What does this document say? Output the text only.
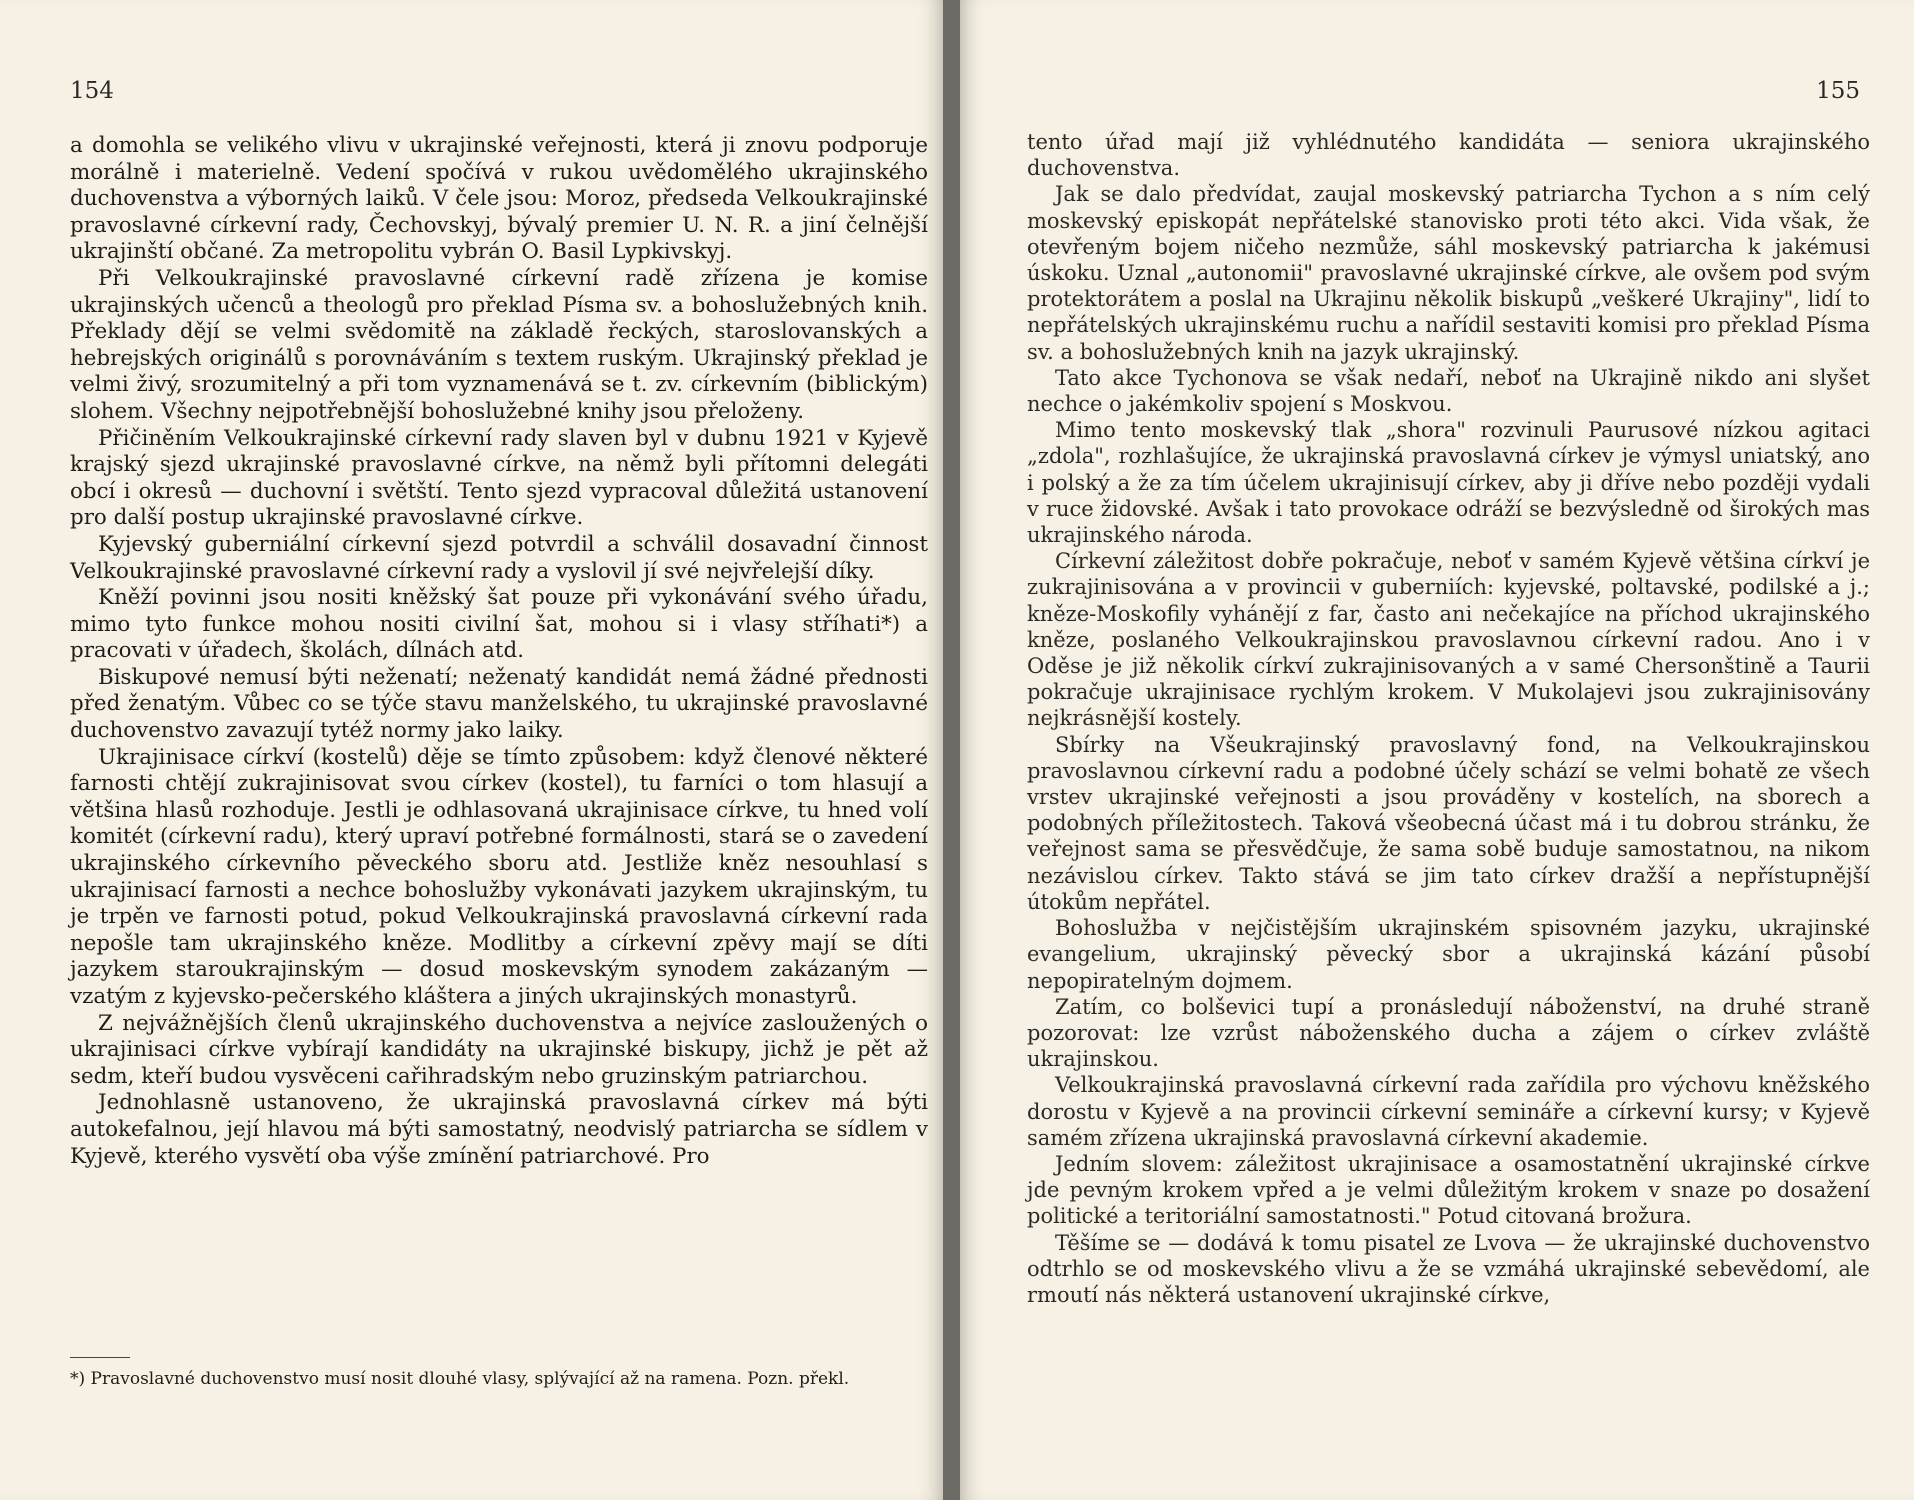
154

a domohla se velikého vlivu v ukrajinské veřejnosti, která ji znovu podporuje morálně i materielně. Vedení spočívá v rukou uvědomělého ukrajinského duchovenstva a výborných laiků. V čele jsou: Moroz, předseda Velkoukrajinské pravoslavné církevní rady, Čechovskyj, bývalý premier U. N. R. a jiní čelnější ukrajinští občané. Za metropolitu vybrán O. Basil Lypkivskyj.

Při Velkoukrajinské pravoslavné církevní radě zřízena je komise ukrajinských učenců a theologů pro překlad Písma sv. a bohoslužebných knih. Překlady dějí se velmi svědomitě na základě řeckých, staroslovanských a hebrejských originálů s porovnáváním s textem ruským. Ukrajinský překlad je velmi živý, srozumitelný a při tom vyznamenává se t. zv. církevním (biblickým) slohem. Všechny nejpotřebnější bohoslužebné knihy jsou přeloženy.

Přičiněním Velkoukrajinské církevní rady slaven byl v dubnu 1921 v Kyjevě krajský sjezd ukrajinské pravoslavné církve, na němž byli přítomni delegáti obcí i okresů — duchovní i světští. Tento sjezd vypracoval důležitá ustanovení pro další postup ukrajinské pravoslavné církve.

Kyjevský guberniální církevní sjezd potvrdil a schválil dosavadní činnost Velkoukrajinské pravoslavné církevní rady a vyslovil jí své nejvřelejší díky.

Kněží povinni jsou nositi kněžský šat pouze při vykonávání svého úřadu, mimo tyto funkce mohou nositi civilní šat, mohou si i vlasy stříhati*) a pracovati v úřadech, školách, dílnách atd.

Biskupové nemusí býti neženatí; neženatý kandidát nemá žádné přednosti před ženatým. Vůbec co se týče stavu manželského, tu ukrajinské pravoslavné duchovenstvo zavazují tytéž normy jako laiky.

Ukrajinisace církví (kostelů) děje se tímto způsobem: když členové některé farnosti chtějí zukrajinisovat svou církev (kostel), tu farníci o tom hlasují a většina hlasů rozhoduje. Jestli je odhlasovaná ukrajinisace církve, tu hned volí komitét (církevní radu), který upraví potřebné formálnosti, stará se o zavedení ukrajinského církevního pěveckého sboru atd. Jestliže kněz nesouhlasí s ukrajinisací farnosti a nechce bohoslužby vykonávati jazykem ukrajinským, tu je trpěn ve farnosti potud, pokud Velkoukrajinská pravoslavná církevní rada nepošle tam ukrajinského kněze. Modlitby a církevní zpěvy mají se díti jazykem staroukrajinským — dosud moskevským synodem zakázaným — vzatým z kyjevsko-pečerského kláštera a jiných ukrajinských monastyrů.

Z nejvážnějších členů ukrajinského duchovenstva a nejvíce zasloužených o ukrajinisaci církve vybírají kandidáty na ukrajinské biskupy, jichž je pět až sedm, kteří budou vysvěceni cařihradským nebo gruzinským patriarchou.

Jednohlasně ustanoveno, že ukrajinská pravoslavná církev má býti autokefalnou, její hlavou má býti samostatný, neodvislý patriarcha se sídlem v Kyjevě, kterého vysvětí oba výše zmínění patriarchové. Pro

*) Pravoslavné duchovenstvo musí nosit dlouhé vlasy, splývající až na ramena. Pozn. překl.
155

tento úřad mají již vyhlédnutého kandidáta — seniora ukrajinského duchovenstva.

Jak se dalo předvídat, zaujal moskevský patriarcha Tychon a s ním celý moskevský episkopát nepřátelské stanovisko proti této akci. Vida však, že otevřeným bojem ničeho nezmůže, sáhl moskevský patriarcha k jakémusi úskoku. Uznal „autonomii" pravoslavné ukrajinské církve, ale ovšem pod svým protektorátem a poslal na Ukrajinu několik biskupů „veškeré Ukrajiny", lidí to nepřátelských ukrajinskému ruchu a nařídil sestaviti komisi pro překlad Písma sv. a bohoslužebných knih na jazyk ukrajinský.

Tato akce Tychonova se však nedaří, neboť na Ukrajině nikdo ani slyšet nechce o jakémkoliv spojení s Moskvou.

Mimo tento moskevský tlak „shora" rozvinuli Paurusové nízkou agitaci „zdola", rozhlašujíce, že ukrajinská pravoslavná církev je výmysl uniatský, ano i polský a že za tím účelem ukrajinisují církev, aby ji dříve nebo později vydali v ruce židovské. Avšak i tato provokace odráží se bezvýsledně od širokých mas ukrajinského národa.

Církevní záležitost dobře pokračuje, neboť v samém Kyjevě většina církví je zukrajinisována a v provincii v guberniích: kyjevské, poltavské, podilské a j.; kněze-Moskofily vyhánějí z far, často ani nečekajíce na příchod ukrajinského kněze, poslaného Velkoukrajinskou pravoslavnou církevní radou. Ano i v Oděse je již několik církví zukrajinisovaných a v samé Chersonštině a Taurii pokračuje ukrajinisace rychlým krokem. V Mukolajevi jsou zukrajinisovány nejkrásnější kostely.

Sbírky na Všeukrajinský pravoslavný fond, na Velkoukrajinskou pravoslavnou církevní radu a podobné účely schází se velmi bohatě ze všech vrstev ukrajinské veřejnosti a jsou prováděny v kostelích, na sborech a podobných příležitostech. Taková všeobecná účast má i tu dobrou stránku, že veřejnost sama se přesvědčuje, že sama sobě buduje samostatnou, na nikom nezávislou církev. Takto stává se jim tato církev dražší a nepřístupnější útokům nepřátel.

Bohoslužba v nejčistějším ukrajinském spisovném jazyku, ukrajinské evangelium, ukrajinský pěvecký sbor a ukrajinská kázání působí nepopiratelným dojmem.

Zatím, co bolševici tupí a pronásledují náboženství, na druhé straně pozorovat: lze vzrůst náboženského ducha a zájem o církev zvláště ukrajinskou.

Velkoukrajinská pravoslavná církevní rada zařídila pro výchovu kněžského dorostu v Kyjevě a na provincii církevní semináře a církevní kursy; v Kyjevě samém zřízena ukrajinská pravoslavná církevní akademie.

Jedním slovem: záležitost ukrajinisace a osamostatnění ukrajinské církve jde pevným krokem vpřed a je velmi důležitým krokem v snaze po dosažení politické a teritoriální samostatnosti." Potud citovaná brožura.

Těšíme se — dodává k tomu pisatel ze Lvova — že ukrajinské duchovenstvo odtrhlo se od moskevského vlivu a že se vzmáhá ukrajinské sebevědomí, ale rmoutí nás některá ustanovení ukrajinské církve,
